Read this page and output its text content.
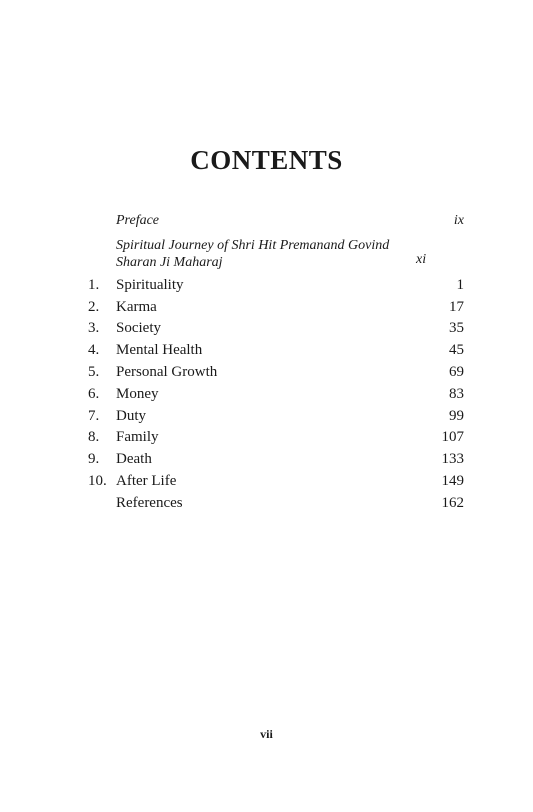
CONTENTS
Preface	ix
Spiritual Journey of Shri Hit Premanand Govind Sharan Ji Maharaj	xi
1.	Spirituality	1
2.	Karma	17
3.	Society	35
4.	Mental Health	45
5.	Personal Growth	69
6.	Money	83
7.	Duty	99
8.	Family	107
9.	Death	133
10. After Life	149
References	162
vii
